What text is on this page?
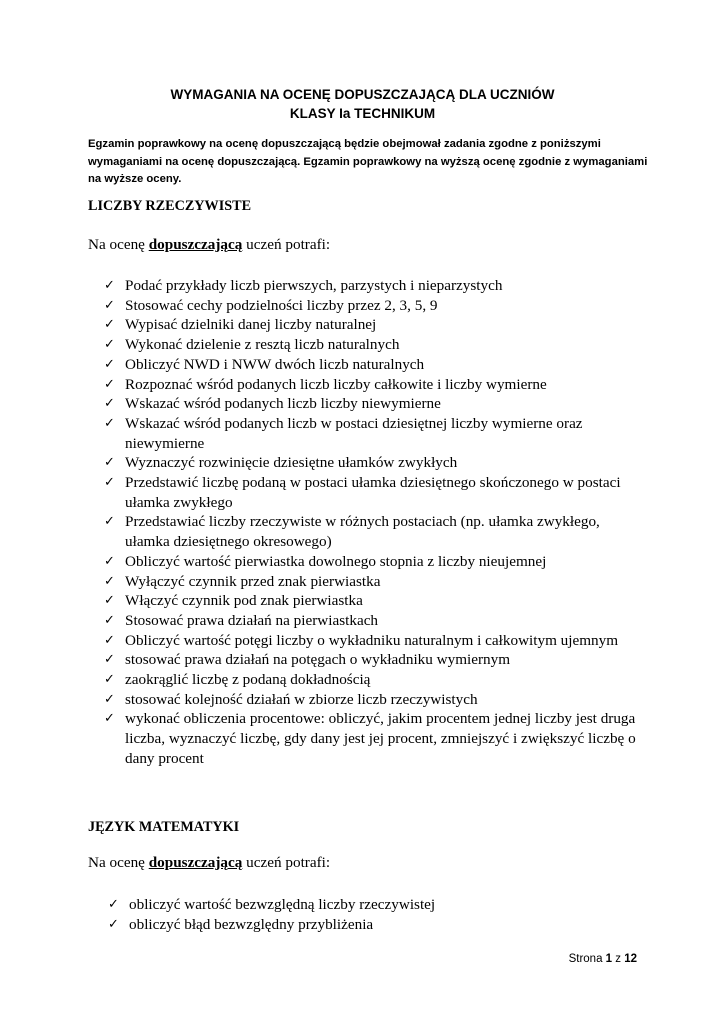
WYMAGANIA NA OCENĘ DOPUSZCZAJĄCĄ DLA UCZNIÓW
KLASY Ia TECHNIKUM
Egzamin poprawkowy na ocenę dopuszczającą będzie obejmował zadania zgodne z poniższymi wymaganiami na ocenę dopuszczającą. Egzamin poprawkowy na wyższą ocenę zgodnie z wymaganiami na wyższe oceny.
LICZBY RZECZYWISTE
Na ocenę dopuszczającą uczeń potrafi:
✓ Podać przykłady liczb pierwszych, parzystych i nieparzystych
✓ Stosować cechy podzielności liczby przez 2, 3, 5, 9
✓ Wypisać dzielniki danej liczby naturalnej
✓ Wykonać dzielenie z resztą liczb naturalnych
✓ Obliczyć NWD i NWW dwóch liczb naturalnych
✓ Rozpoznać wśród podanych liczb liczby całkowite i liczby wymierne
✓ Wskazać wśród podanych liczb liczby niewymierne
✓ Wskazać wśród podanych liczb w postaci dziesiętnej liczby wymierne oraz niewymierne
✓ Wyznaczyć rozwinięcie dziesiętne ułamków zwykłych
✓ Przedstawić liczbę podaną w postaci ułamka dziesiętnego skończonego w postaci ułamka zwykłego
✓ Przedstawiać liczby rzeczywiste w różnych postaciach (np. ułamka zwykłego, ułamka dziesiętnego okresowego)
✓ Obliczyć wartość pierwiastka dowolnego stopnia z liczby nieujemnej
✓ Wyłączyć czynnik przed znak pierwiastka
✓ Włączyć czynnik pod znak pierwiastka
✓ Stosować prawa działań na pierwiastkach
✓ Obliczyć wartość potęgi liczby o wykładniku naturalnym i całkowitym ujemnym
✓ stosować prawa działań na potęgach o wykładniku wymiernym
✓ zaokrąglić liczbę z podaną dokładnością
✓ stosować kolejność działań w zbiorze liczb rzeczywistych
✓ wykonać obliczenia procentowe: obliczyć, jakim procentem jednej liczby jest druga liczba, wyznaczyć liczbę, gdy dany jest jej procent, zmniejszyć i zwiększyć liczbę o dany procent
JĘZYK MATEMATYKI
Na ocenę dopuszczającą uczeń potrafi:
✓ obliczyć wartość bezwzględną liczby rzeczywistej
✓ obliczyć błąd bezwzględny przybliżenia
Strona 1 z 12
